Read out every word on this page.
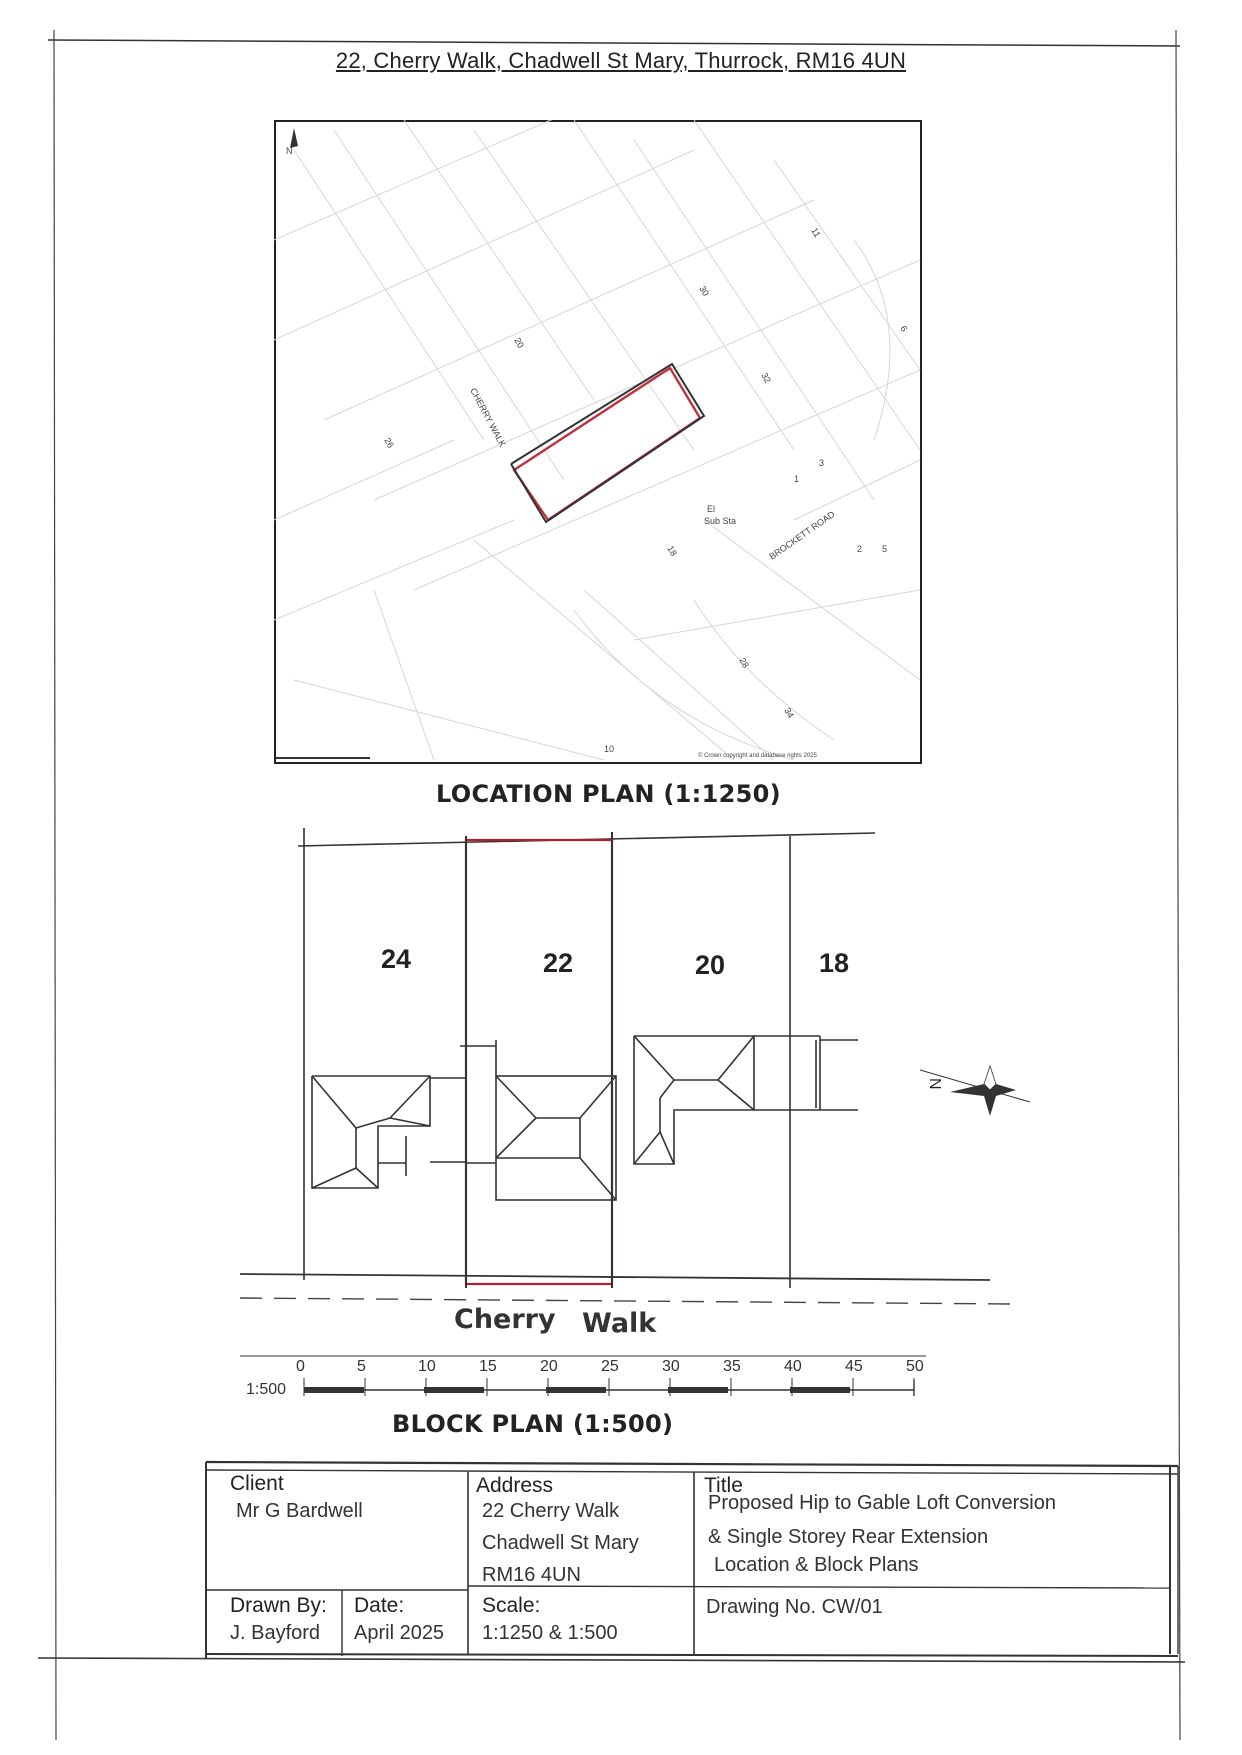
22, Cherry Walk, Chadwell St Mary, Thurrock, RM16 4UN
20
26
30
11
32
18
28
34
1
3
2 5
6
10
N
CHERRY WALK
BROCKETT ROAD
El
Sub Sta
© Crown copyright and database rights 2025
LOCATION PLAN (1:1250)
N
24	22	20	18
Cherry Walk
1:500
0	5	10	15	20	25	30	35	40	45	50
BLOCK PLAN (1:500)
Client
Mr G Bardwell
Address
22 Cherry Walk
Chadwell St Mary
RM16 4UN
Title
Proposed Hip to Gable Loft Conversion
& Single Storey Rear Extension
Location & Block Plans
Drawn By:
J. Bayford
Date:
April 2025
Scale:
1:1250 & 1:500
Drawing No. CW/01
